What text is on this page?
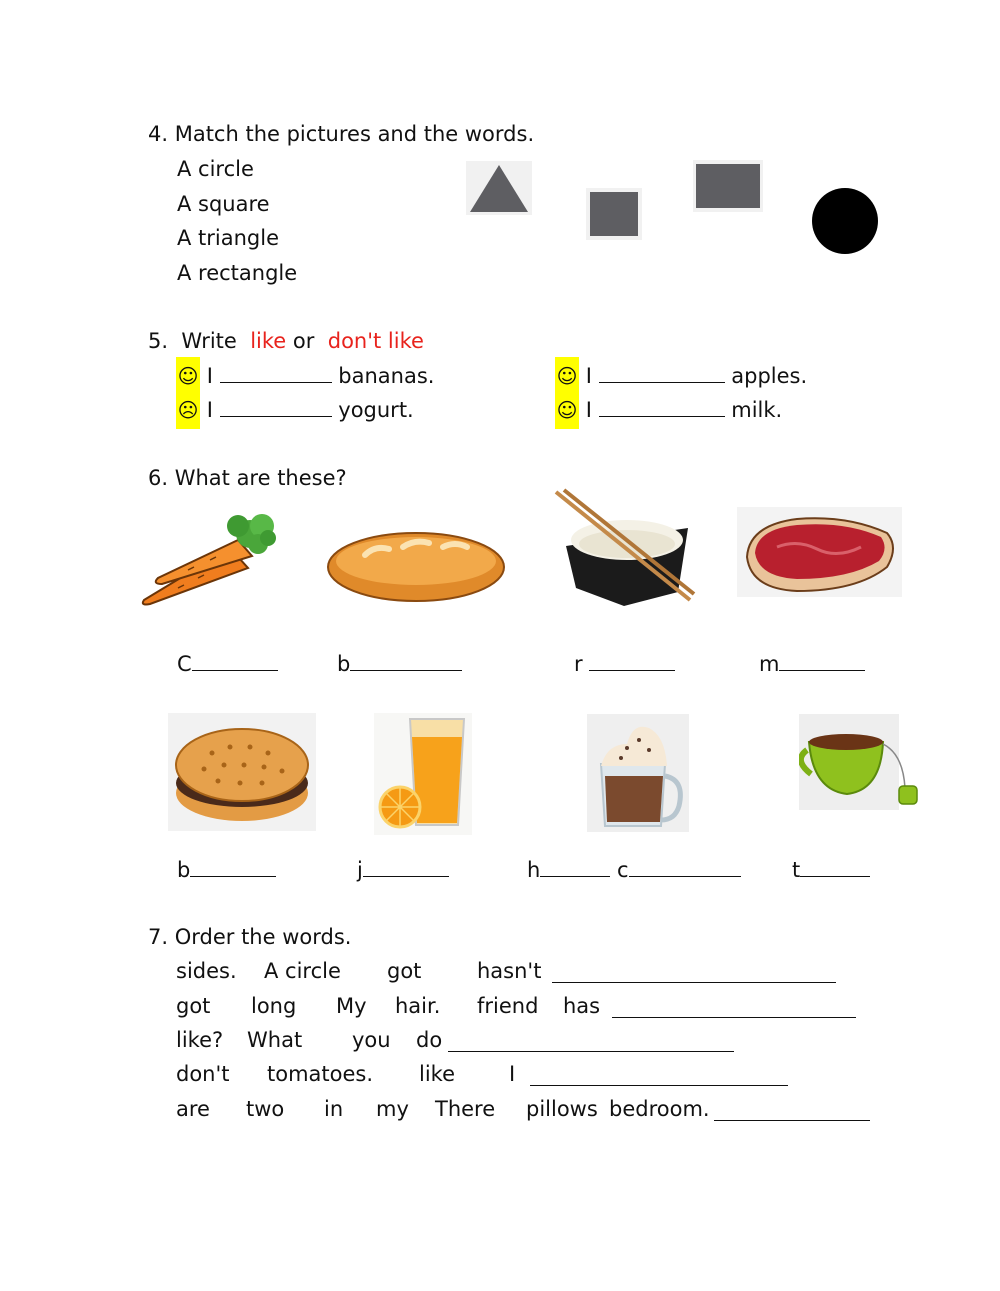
4. Match the pictures and the words.
A circle
A square
A triangle
A rectangle
5.  Write like or don't like
☺ I	bananas.	☺ I	apples.
☹ I	yogurt.	☺ I	milk.
6. What are these?
C	b	r	m
b	j	h	c	t
7. Order the words.
sides. A circle got	hasn't
got long My hair. friend has
like? What you do
don't tomatoes. like	I
are two in my There pillows bedroom.
